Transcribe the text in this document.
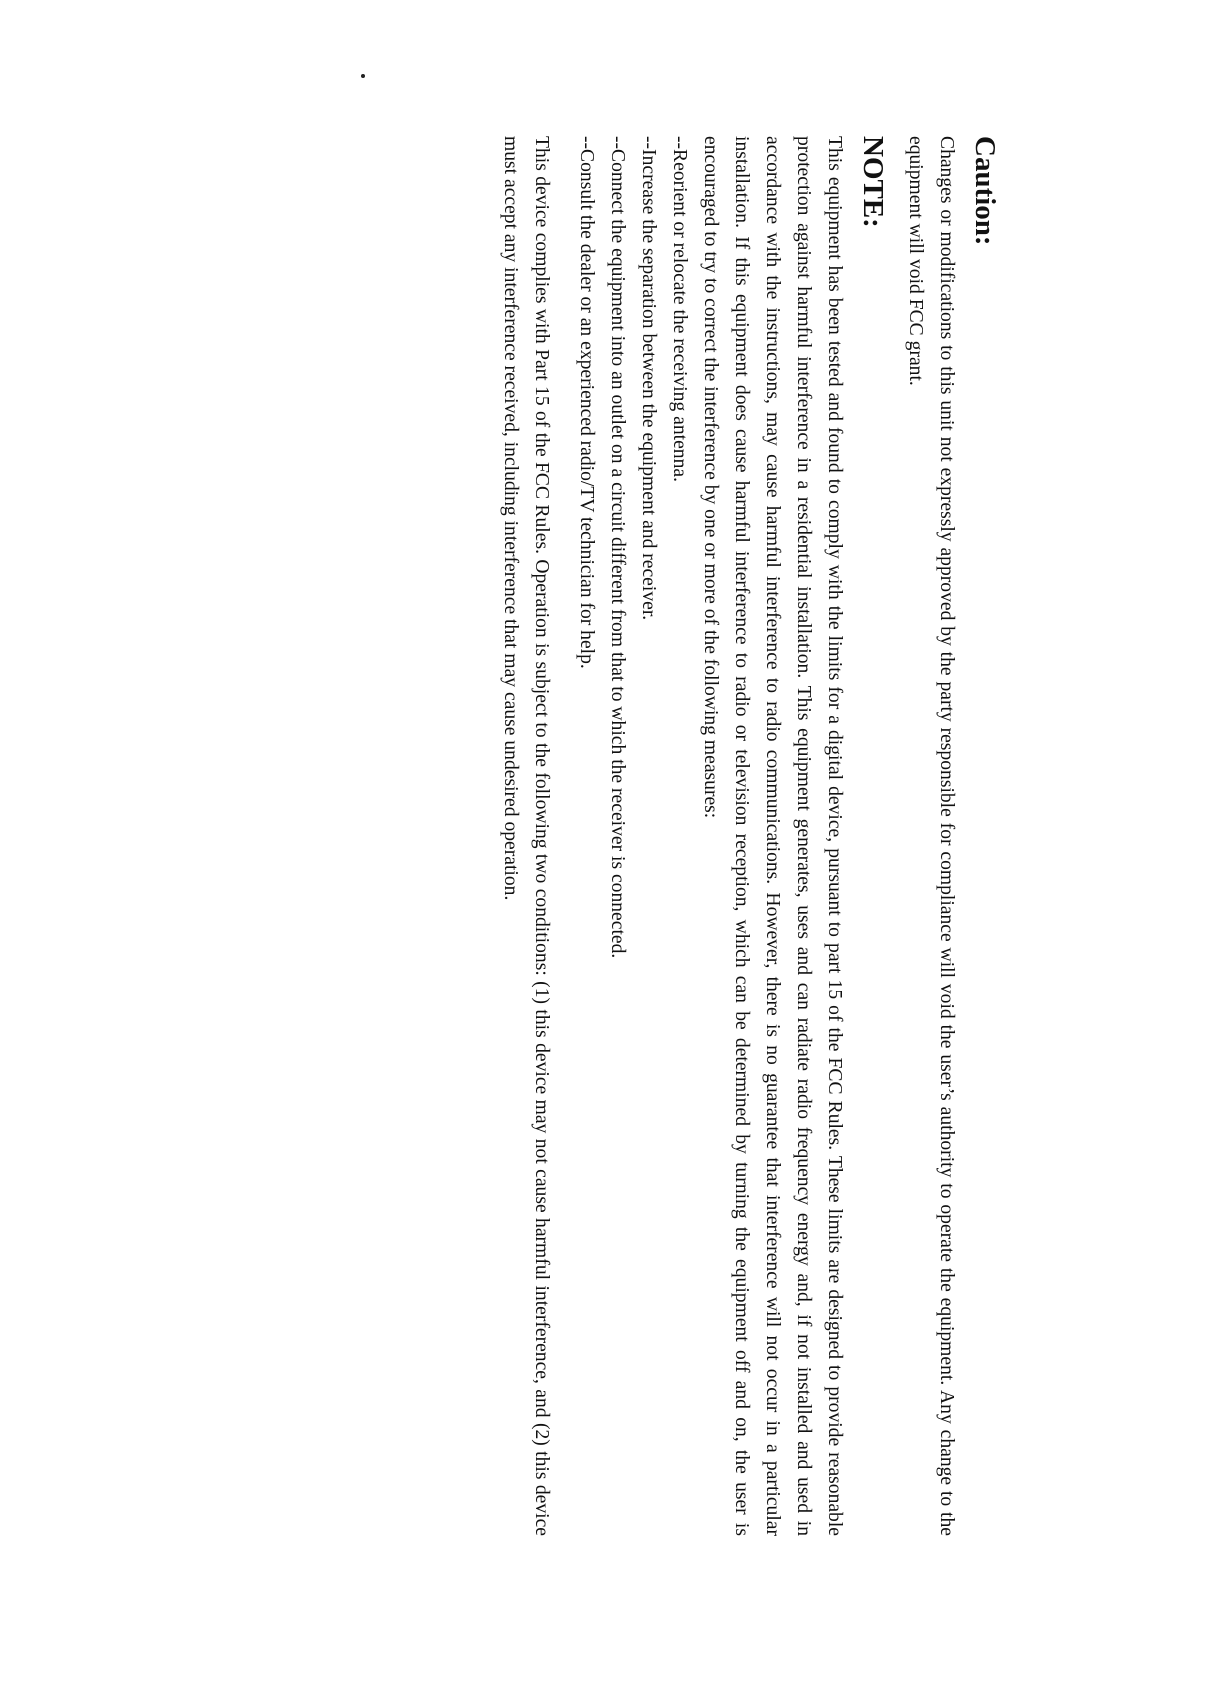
Caution:

Changes or modifications to this unit not expressly approved by the party responsible for compliance will void the user’s authority to operate the equipment. Any change to the equipment will void FCC grant.

NOTE:

This equipment has been tested and found to comply with the limits for a digital device, pursuant to part 15 of the FCC Rules. These limits are designed to provide reasonable protection against harmful interference in a residential installation. This equipment generates, uses and can radiate radio frequency energy and, if not installed and used in accordance with the instructions, may cause harmful interference to radio communications. However, there is no guarantee that interference will not occur in a particular installation. If this equipment does cause harmful interference to radio or television reception, which can be determined by turning the equipment off and on, the user is encouraged to try to correct the interference by one or more of the following measures:

--Reorient or relocate the receiving antenna.
--Increase the separation between the equipment and receiver.
--Connect the equipment into an outlet on a circuit different from that to which the receiver is connected.
--Consult the dealer or an experienced radio/TV technician for help.

This device complies with Part 15 of the FCC Rules. Operation is subject to the following two conditions: (1) this device may not cause harmful interference, and (2) this device must accept any interference received, including interference that may cause undesired operation.
